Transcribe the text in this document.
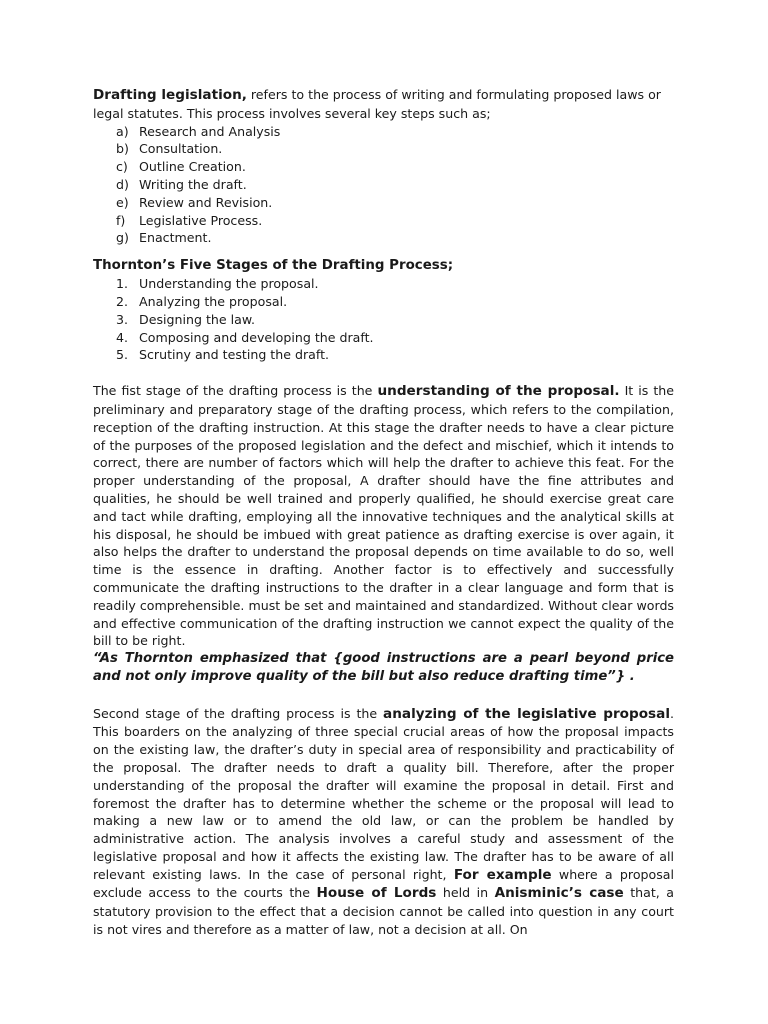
Drafting legislation, refers to the process of writing and formulating proposed laws or legal statutes. This process involves several key steps such as;

a) Research and Analysis
b) Consultation.
c) Outline Creation.
d) Writing the draft.
e) Review and Revision.
f)	Legislative Process.
g) Enactment.

Thornton’s Five Stages of the Drafting Process;

1. Understanding the proposal.
2. Analyzing the proposal.
3. Designing the law.
4. Composing and developing the draft.
5. Scrutiny and testing the draft.

The fist stage of the drafting process is the understanding of the proposal. It is the preliminary and preparatory stage of the drafting process, which refers to the compilation, reception of the drafting instruction. At this stage the drafter needs to have a clear picture of the purposes of the proposed legislation and the defect and mischief, which it intends to correct, there are number of factors which will help the drafter to achieve this feat. For the proper understanding of the proposal, A drafter should have the fine attributes and qualities, he should be well trained and properly qualified, he should exercise great care and tact while drafting, employing all the innovative techniques and the analytical skills at his disposal, he should be imbued with great patience as drafting exercise is over again, it also helps the drafter to understand the proposal depends on time available to do so, well time is the essence in drafting. Another factor is to effectively and successfully communicate the drafting instructions to the drafter in a clear language and form that is readily comprehensible. must be set and maintained and standardized. Without clear words and effective communication of the drafting instruction we cannot expect the quality of the bill to be right.

“As Thornton emphasized that {good instructions are a pearl beyond price and not only improve quality of the bill but also reduce drafting time”} .

Second stage of the drafting process is the analyzing of the legislative proposal. This boarders on the analyzing of three special crucial areas of how the proposal impacts on the existing law, the drafter’s duty in special area of responsibility and practicability of the proposal. The drafter needs to draft a quality bill. Therefore, after the proper understanding of the proposal the drafter will examine the proposal in detail. First and foremost the drafter has to determine whether the scheme or the proposal will lead to making a new law or to amend the old law, or can the problem be handled by administrative action. The analysis involves a careful study and assessment of the legislative proposal and how it affects the existing law. The drafter has to be aware of all relevant existing laws. In the case of personal right, For example where a proposal exclude access to the courts the House of Lords held in Anisminic’s case that, a statutory provision to the effect that a decision cannot be called into question in any court is not vires and therefore as a matter of law, not a decision at all. On
